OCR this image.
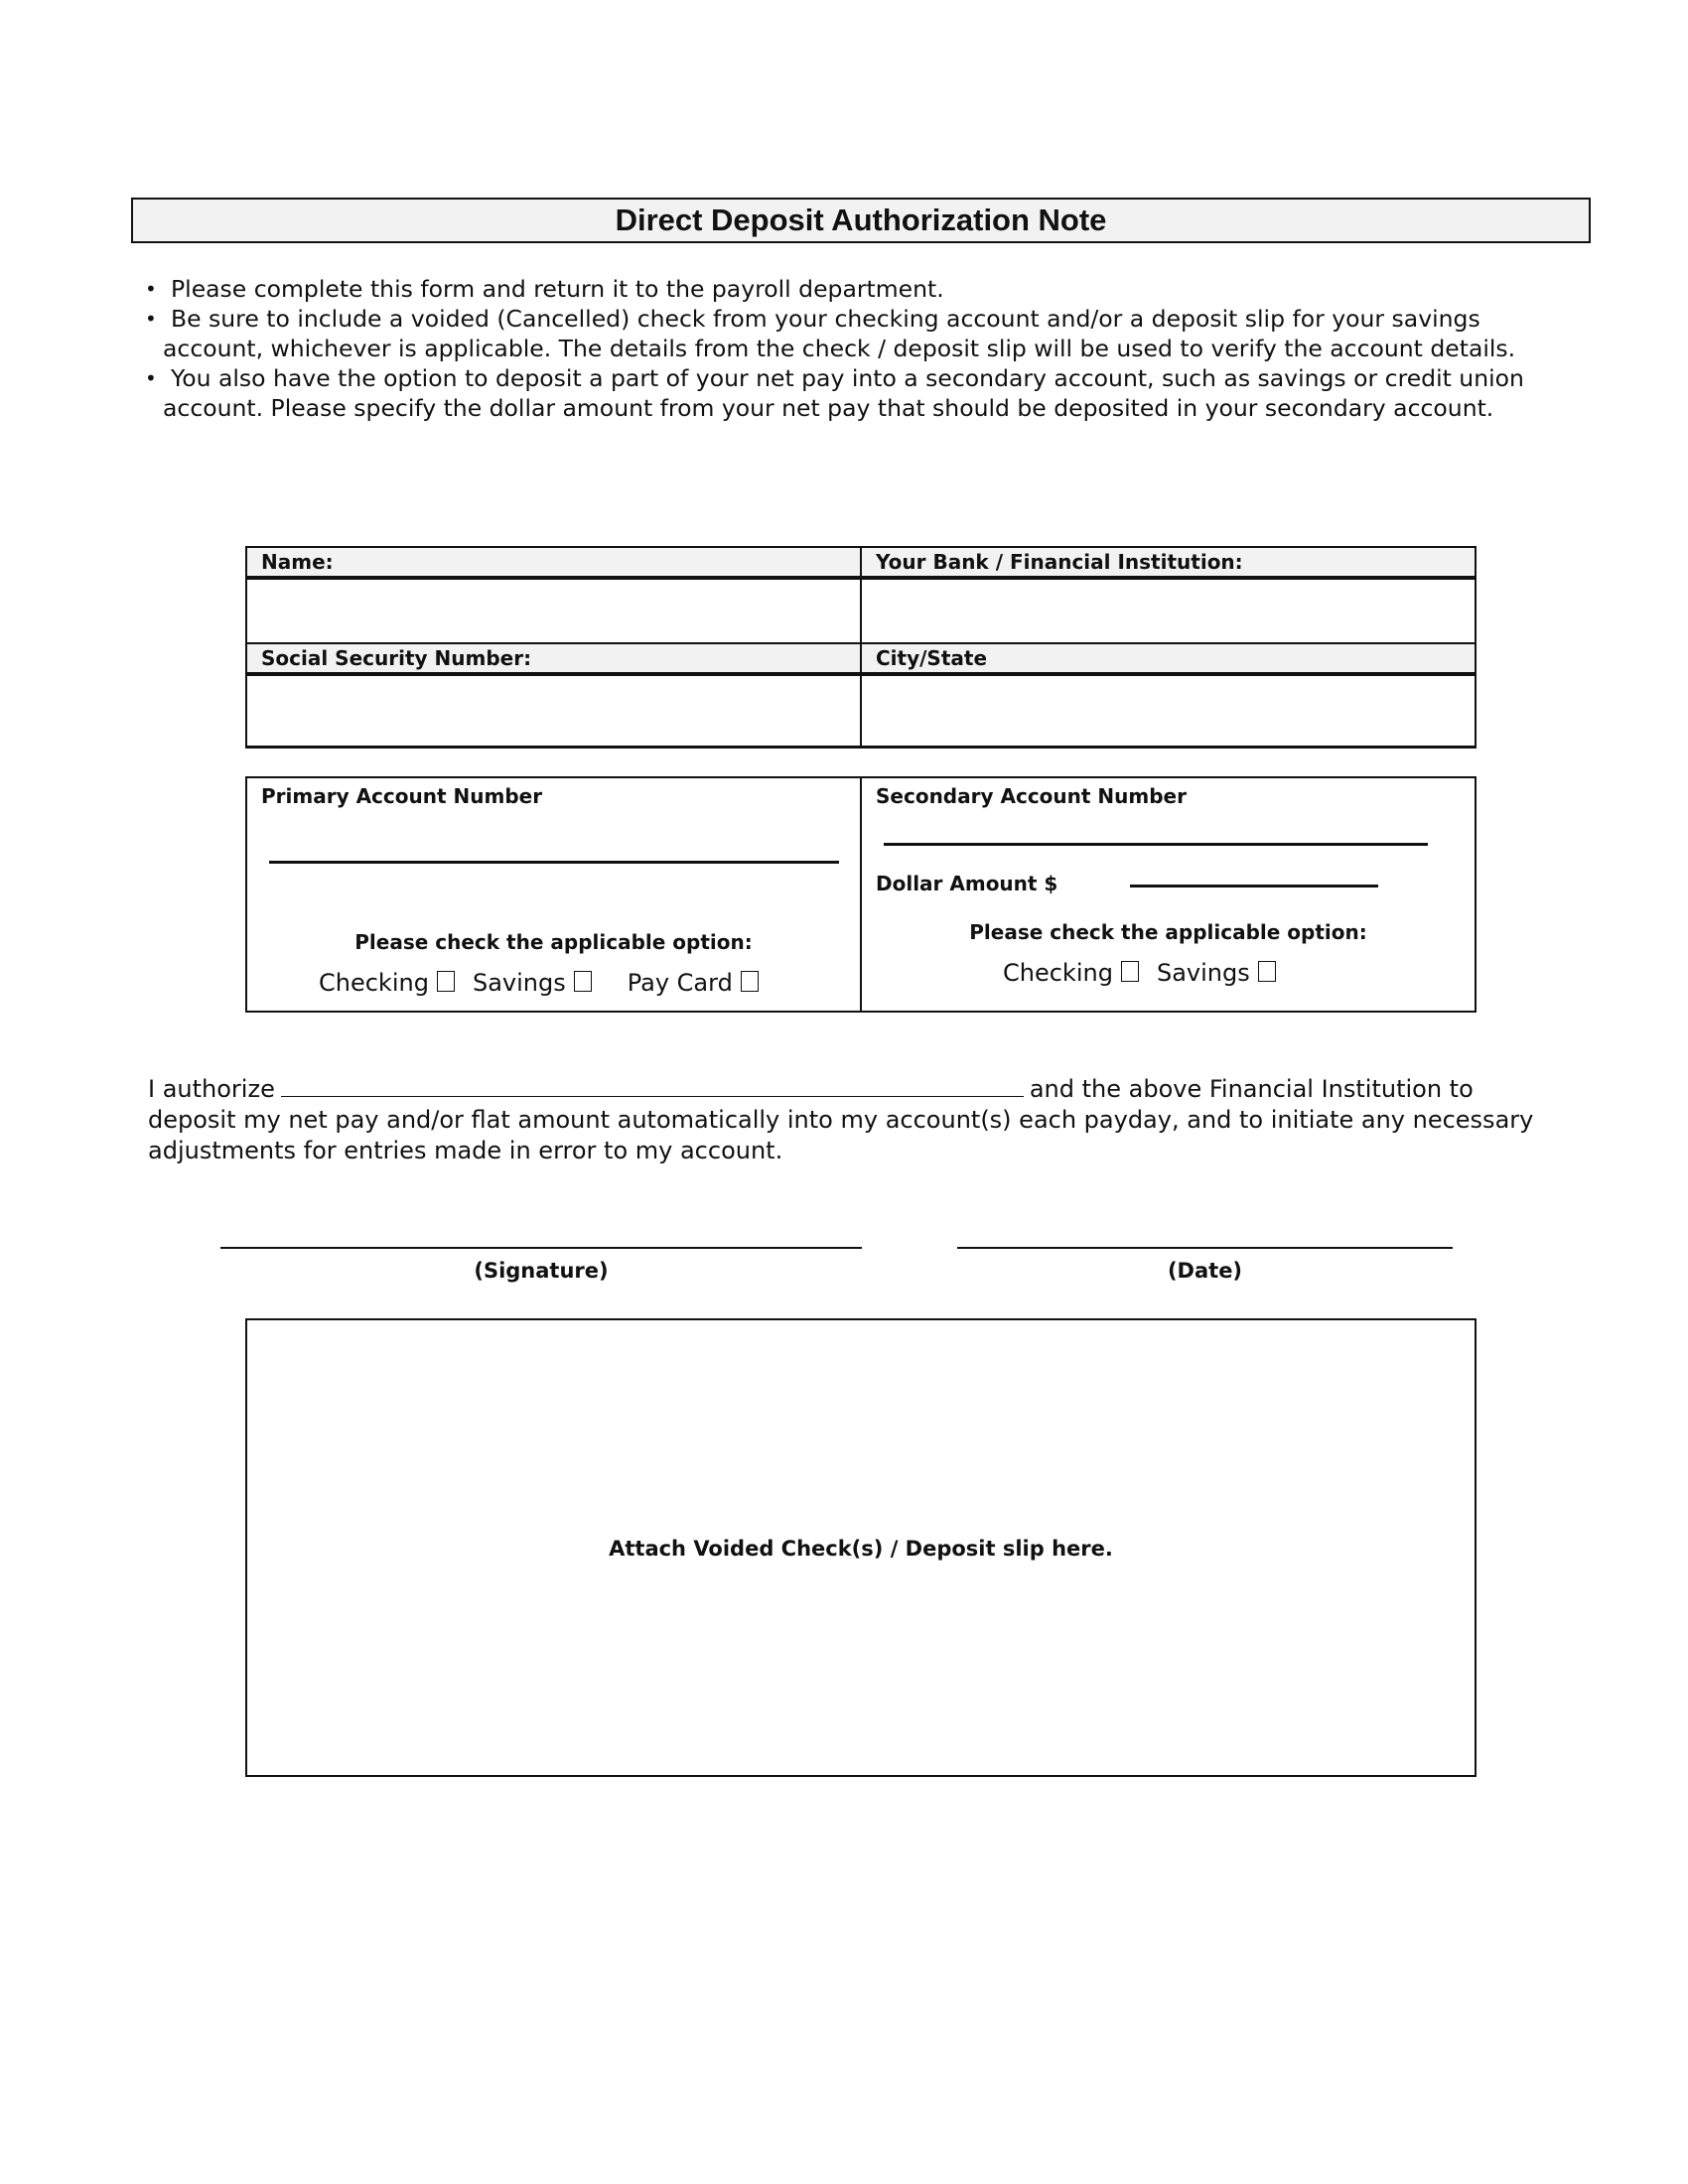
Direct Deposit Authorization Note
• Please complete this form and return it to the payroll department.
• Be sure to include a voided (Cancelled) check from your checking account and/or a deposit slip for your savings account, whichever is applicable. The details from the check / deposit slip will be used to verify the account details.
• You also have the option to deposit a part of your net pay into a secondary account, such as savings or credit union account. Please specify the dollar amount from your net pay that should be deposited in your secondary account.
Name:	Your Bank / Financial Institution:

Social Security Number:	City/State

Primary Account Number
Please check the applicable option:
Checking Savings	Pay Card

Secondary Account Number
Dollar Amount $
Please check the applicable option:
Checking Savings
I authorize	and the above Financial Institution to deposit my net pay and/or flat amount automatically into my account(s) each payday, and to initiate any necessary adjustments for entries made in error to my account.
(Signature)	(Date)
Attach Voided Check(s) / Deposit slip here.
